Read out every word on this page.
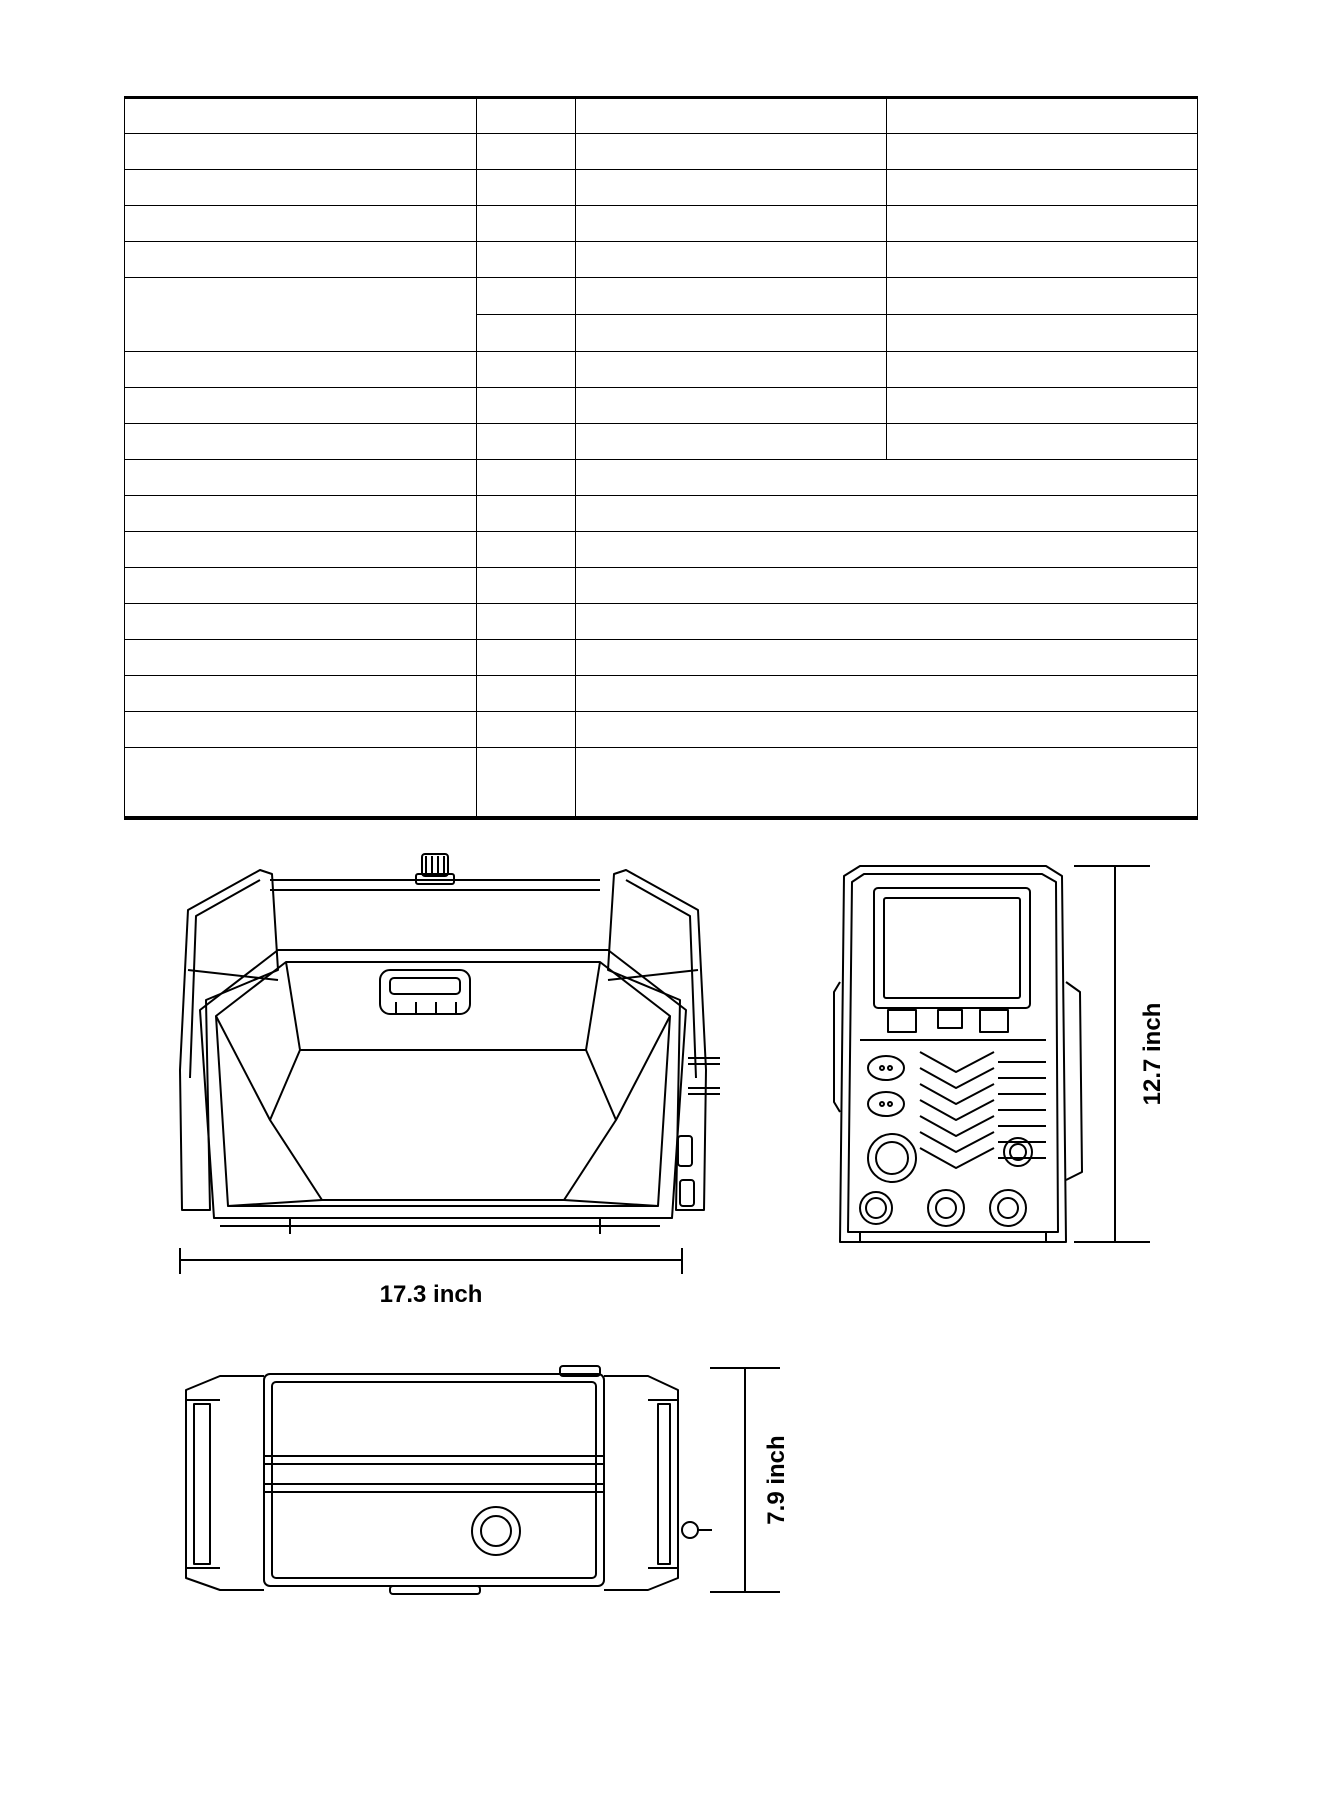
17.3 inch
12.7 inch
7.9 inch
